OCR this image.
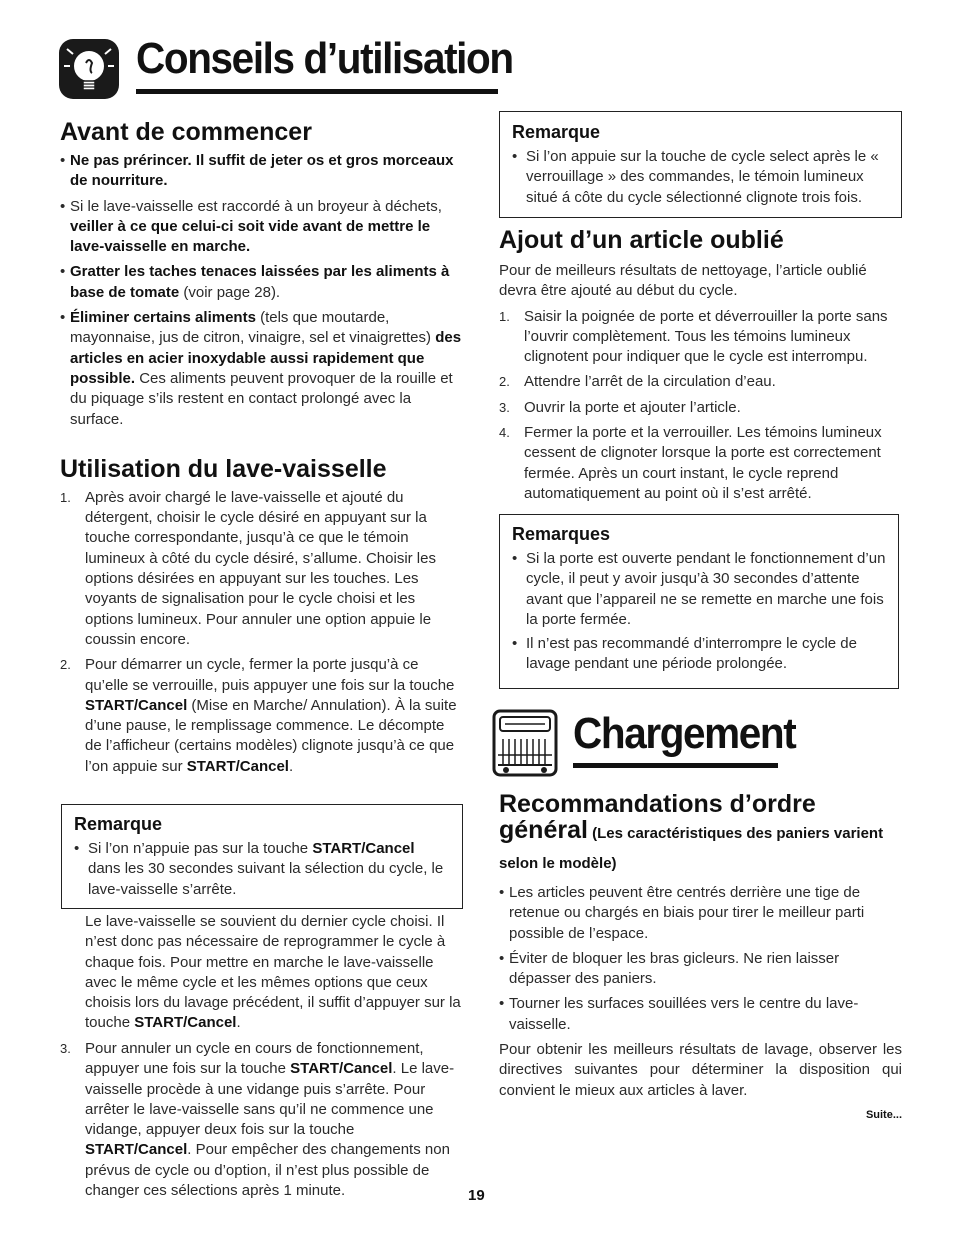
Conseils d’utilisation
Avant de commencer
• Ne pas prérincer. Il suffit de jeter os et gros morceaux de nourriture.
• Si le lave-vaisselle est raccordé à un broyeur à déchets, veiller à ce que celui-ci soit vide avant de mettre le lave-vaisselle en marche.
• Gratter les taches tenaces laissées par les aliments à base de tomate (voir page 28).
• Éliminer certains aliments (tels que moutarde, mayonnaise, jus de citron, vinaigre, sel et vinaigrettes) des articles en acier inoxydable aussi rapidement que possible. Ces aliments peuvent provoquer de la rouille et du piquage s’ils restent en contact prolongé avec la surface.
Utilisation du lave-vaisselle
1. Après avoir chargé le lave-vaisselle et ajouté du détergent, choisir le cycle désiré en appuyant sur la touche correspondante, jusqu’à ce que le témoin lumineux à côté du cycle désiré, s’allume. Choisir les options désirées en appuyant sur les touches. Les voyants de signalisation pour le cycle choisi et les options lumineux. Pour annuler une option appuie le coussin encore.
2. Pour démarrer un cycle, fermer la porte jusqu’à ce qu’elle se verrouille, puis appuyer une fois sur la touche START/Cancel (Mise en Marche/ Annulation). À la suite d’une pause, le remplissage commence. Le décompte de l’afficheur (certains modèles) clignote jusqu’à ce que l’on appuie sur START/Cancel.
Remarque
• Si l’on n’appuie pas sur la touche START/Cancel dans les 30 secondes suivant la sélection du cycle, le lave-vaisselle s’arrête.
Le lave-vaisselle se souvient du dernier cycle choisi. Il n’est donc pas nécessaire de reprogrammer le cycle à chaque fois. Pour mettre en marche le lave-vaisselle avec le même cycle et les mêmes options que ceux choisis lors du lavage précédent, il suffit d’appuyer sur la touche START/Cancel.
3. Pour annuler un cycle en cours de fonctionnement, appuyer une fois sur la touche START/Cancel. Le lave-vaisselle procède à une vidange puis s’arrête. Pour arrêter le lave-vaisselle sans qu’il ne commence une vidange, appuyer deux fois sur la touche START/Cancel. Pour empêcher des changements non prévus de cycle ou d’option, il n’est plus possible de changer ces sélections après 1 minute.	19
Remarque
• Si l’on appuie sur la touche de cycle select après le « verrouillage » des commandes, le témoin lumineux situé á côte du cycle sélectionné clignote trois fois.
Ajout d’un article oublié
Pour de meilleurs résultats de nettoyage, l’article oublié devra être ajouté au début du cycle.
1. Saisir la poignée de porte et déverrouiller la porte sans l’ouvrir complètement. Tous les témoins lumineux clignotent pour indiquer que le cycle est interrompu.
2. Attendre l’arrêt de la circulation d’eau.
3. Ouvrir la porte et ajouter l’article.
4. Fermer la porte et la verrouiller. Les témoins lumineux cessent de clignoter lorsque la porte est correctement fermée. Après un court instant, le cycle reprend automatiquement au point où il s’est arrêté.
Remarques
• Si la porte est ouverte pendant le fonctionnement d’un cycle, il peut y avoir jusqu’à 30 secondes d’attente avant que l’appareil ne se remette en marche une fois la porte fermée.
• Il n’est pas recommandé d’interrompre le cycle de lavage pendant une période prolongée.
Chargement
Recommandations d’ordre
général (Les caractéristiques des paniers varient selon le modèle)
• Les articles peuvent être centrés derrière une tige de retenue ou chargés en biais pour tirer le meilleur parti possible de l’espace.
• Éviter de bloquer les bras gicleurs. Ne rien laisser dépasser des paniers.
• Tourner les surfaces souillées vers le centre du lave-vaisselle.
Pour obtenir les meilleurs résultats de lavage, observer les directives suivantes pour déterminer la disposition qui convient le mieux aux articles à laver.
Suite...
